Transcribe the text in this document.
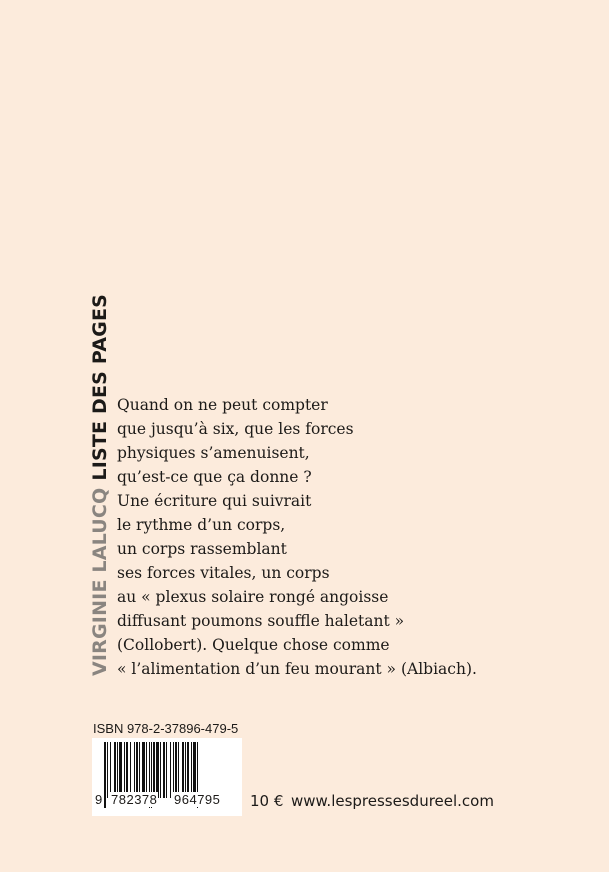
VIRGINIE LALUCQLISTE DES PAGES Quand on ne peut compter
que jusqu’à six, que les forces
physiques s’amenuisent,
qu’est-ce que ça donne ?
Une écriture qui suivrait
le rythme d’un corps,
un corps rassemblant
ses forces vitales, un corps
au « plexus solaire rongé angoisse
diffusant poumons souffle haletant »
(Collobert). Quelque chose comme
« l’alimentation d’un feu mourant » (Albiach).
ISBN 978-2-37896-479-5
9 782378 964795 10 € www.lespressesdureel.com
